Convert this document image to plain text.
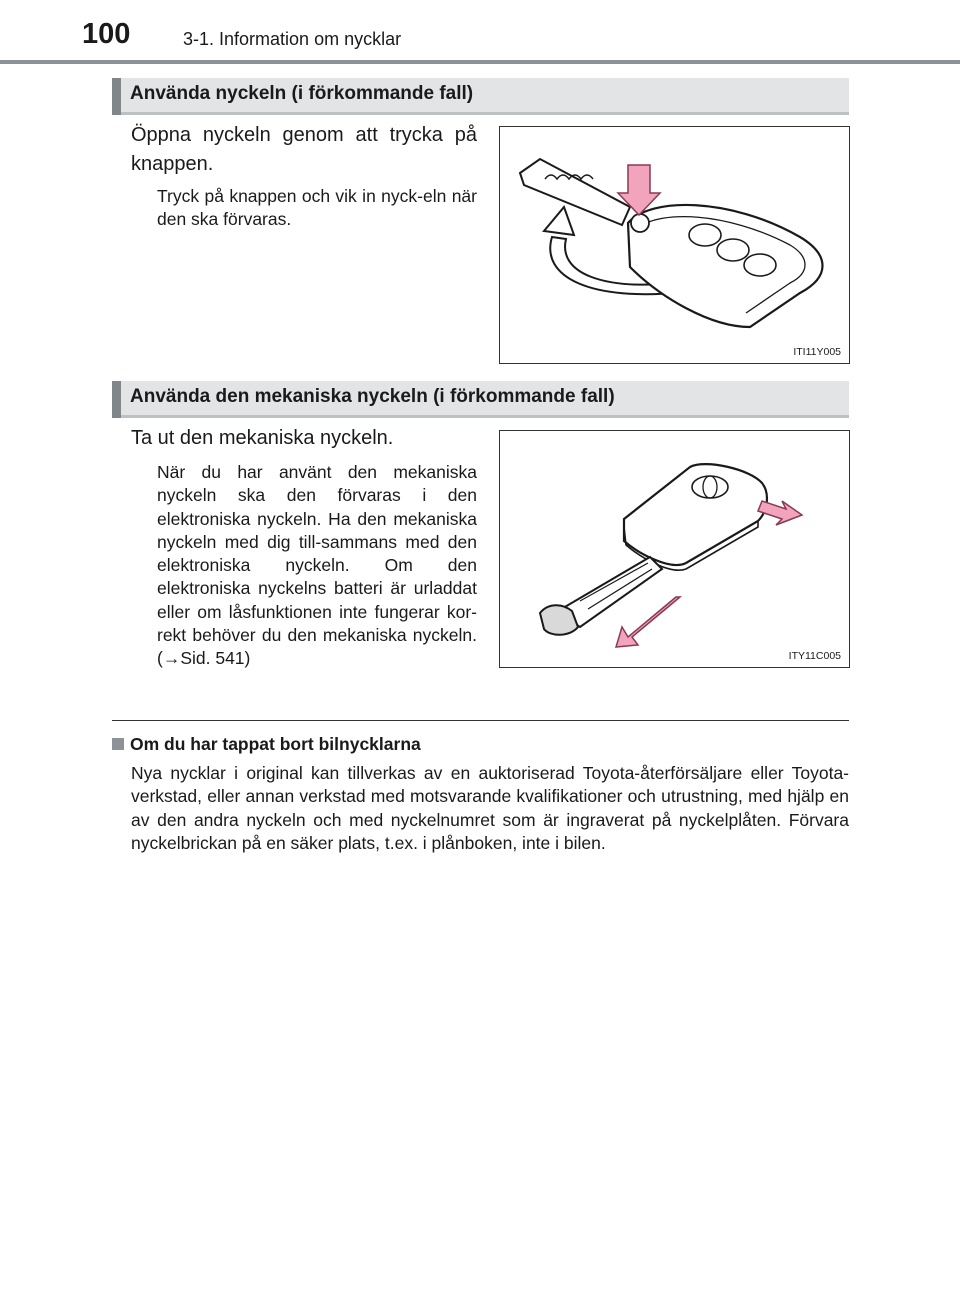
100	3-1. Information om nycklar
Använda nyckeln (i förkommande fall)
Öppna nyckeln genom att trycka på knappen.
Tryck på knappen och vik in nyck-eln när den ska förvaras.
ITI11Y005
Använda den mekaniska nyckeln (i förkommande fall)
Ta ut den mekaniska nyckeln.
När du har använt den mekaniska nyckeln ska den förvaras i den elektroniska nyckeln. Ha den mekaniska nyckeln med dig till-sammans med den elektroniska nyckeln. Om den elektroniska nyckelns batteri är urladdat eller om låsfunktionen inte fungerar kor-rekt behöver du den mekaniska nyckeln. (→Sid. 541)	ITY11C005
Om du har tappat bort bilnycklarna
Nya nycklar i original kan tillverkas av en auktoriserad Toyota-återförsäljare eller Toyota-verkstad, eller annan verkstad med motsvarande kvalifikationer och utrustning, med hjälp en av den andra nyckeln och med nyckelnumret som är ingraverat på nyckelplåten. Förvara nyckelbrickan på en säker plats, t.ex. i plånboken, inte i bilen.
